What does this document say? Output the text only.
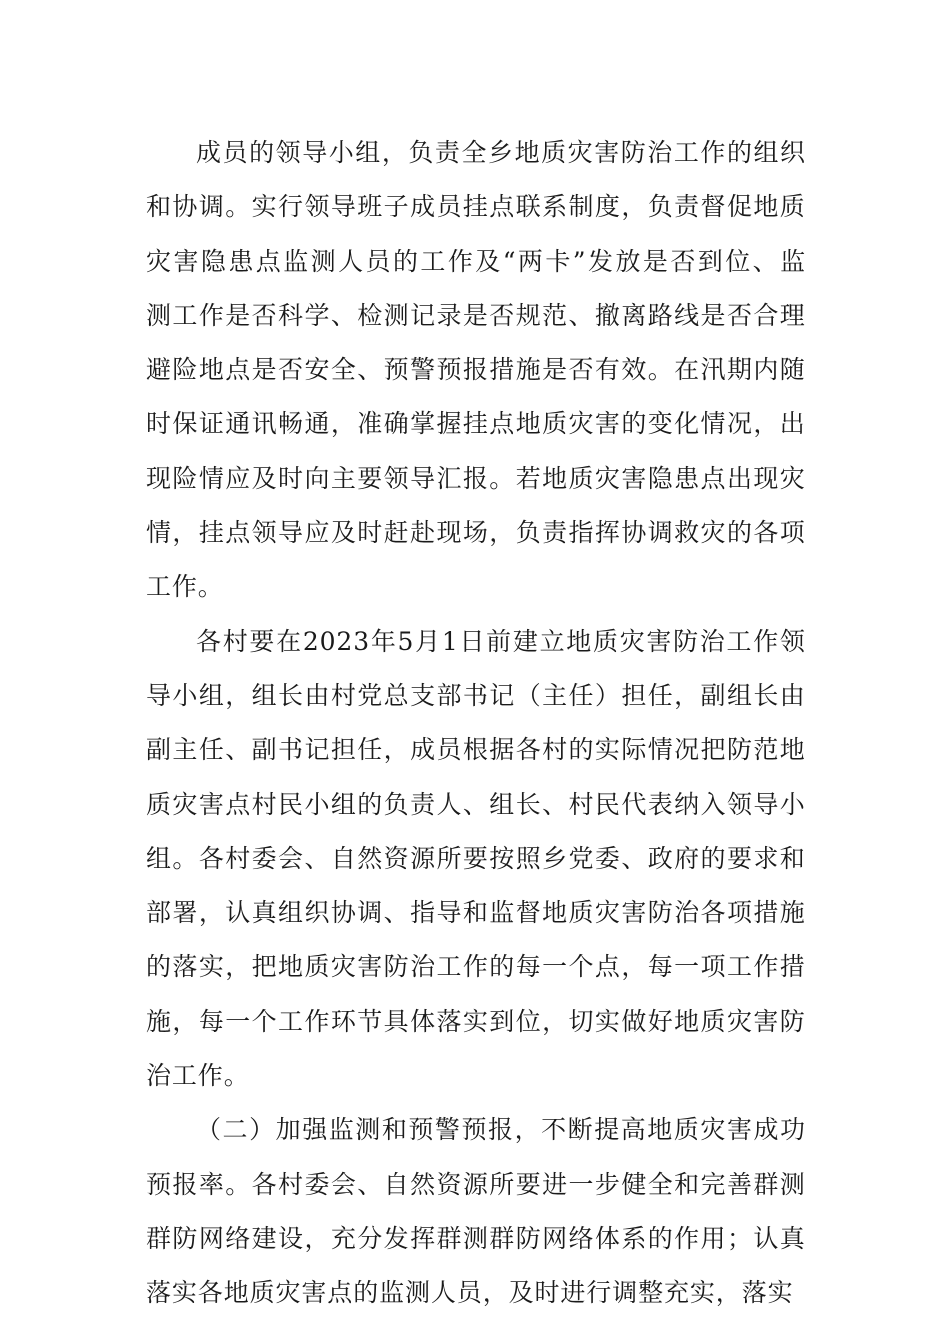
成 员 的 领 导 小 组 ， 负 责 全 乡 地 质 灾 害 防 治 工 作 的 组 织
和 协 调 。 实 行 领 导 班 子 成 员 挂 点 联 系 制 度 ， 负 责 督 促 地 质
灾 害 隐 患 点 监 测 人 员 的 工 作 及 “ 两 卡 ” 发 放 是 否 到 位 、 监
测 工 作 是 否 科 学 、 检 测 记 录 是 否 规 范 、 撤 离 路 线 是 否 合 理
避 险 地 点 是 否 安 全 、 预 警 预 报 措 施 是 否 有 效 。 在 汛 期 内 随
时 保 证 通 讯 畅 通 ， 准 确 掌 握 挂 点 地 质 灾 害 的 变 化 情 况 ， 出
现 险 情 应 及 时 向 主 要 领 导 汇 报 。 若 地 质 灾 害 隐 患 点 出 现 灾
情 ， 挂 点 领 导 应 及 时 赶 赴 现 场 ， 负 责 指 挥 协 调 救 灾 的 各 项
工作。
各 村 要 在 2023 年 5 月 1 日 前 建 立 地 质 灾 害 防 治 工 作 领
导 小 组 ， 组 长 由 村 党 总 支 部 书 记 （ 主 任 ） 担 任 ， 副 组 长 由
副 主 任 、 副 书 记 担 任 ， 成 员 根 据 各 村 的 实 际 情 况 把 防 范 地
质 灾 害 点 村 民 小 组 的 负 责 人 、 组 长 、 村 民 代 表 纳 入 领 导 小
组 。 各 村 委 会 、 自 然 资 源 所 要 按 照 乡 党 委 、 政 府 的 要 求 和
部 署 ， 认 真 组 织 协 调 、 指 导 和 监 督 地 质 灾 害 防 治 各 项 措 施
的 落 实 ， 把 地 质 灾 害 防 治 工 作 的 每 一 个 点 ， 每 一 项 工 作 措
施 ， 每 一 个 工 作 环 节 具 体 落 实 到 位 ， 切 实 做 好 地 质 灾 害 防
治工作。
（ 二 ） 加 强 监 测 和 预 警 预 报 ， 不 断 提 高 地 质 灾 害 成 功
预 报 率 。 各 村 委 会 、 自 然 资 源 所 要 进 一 步 健 全 和 完 善 群 测
群 防 网 络 建 设 ， 充 分 发 挥 群 测 群 防 网 络 体 系 的 作 用 ； 认 真
落实各地质灾害点的监测人员，及时进行调整充实，落实
